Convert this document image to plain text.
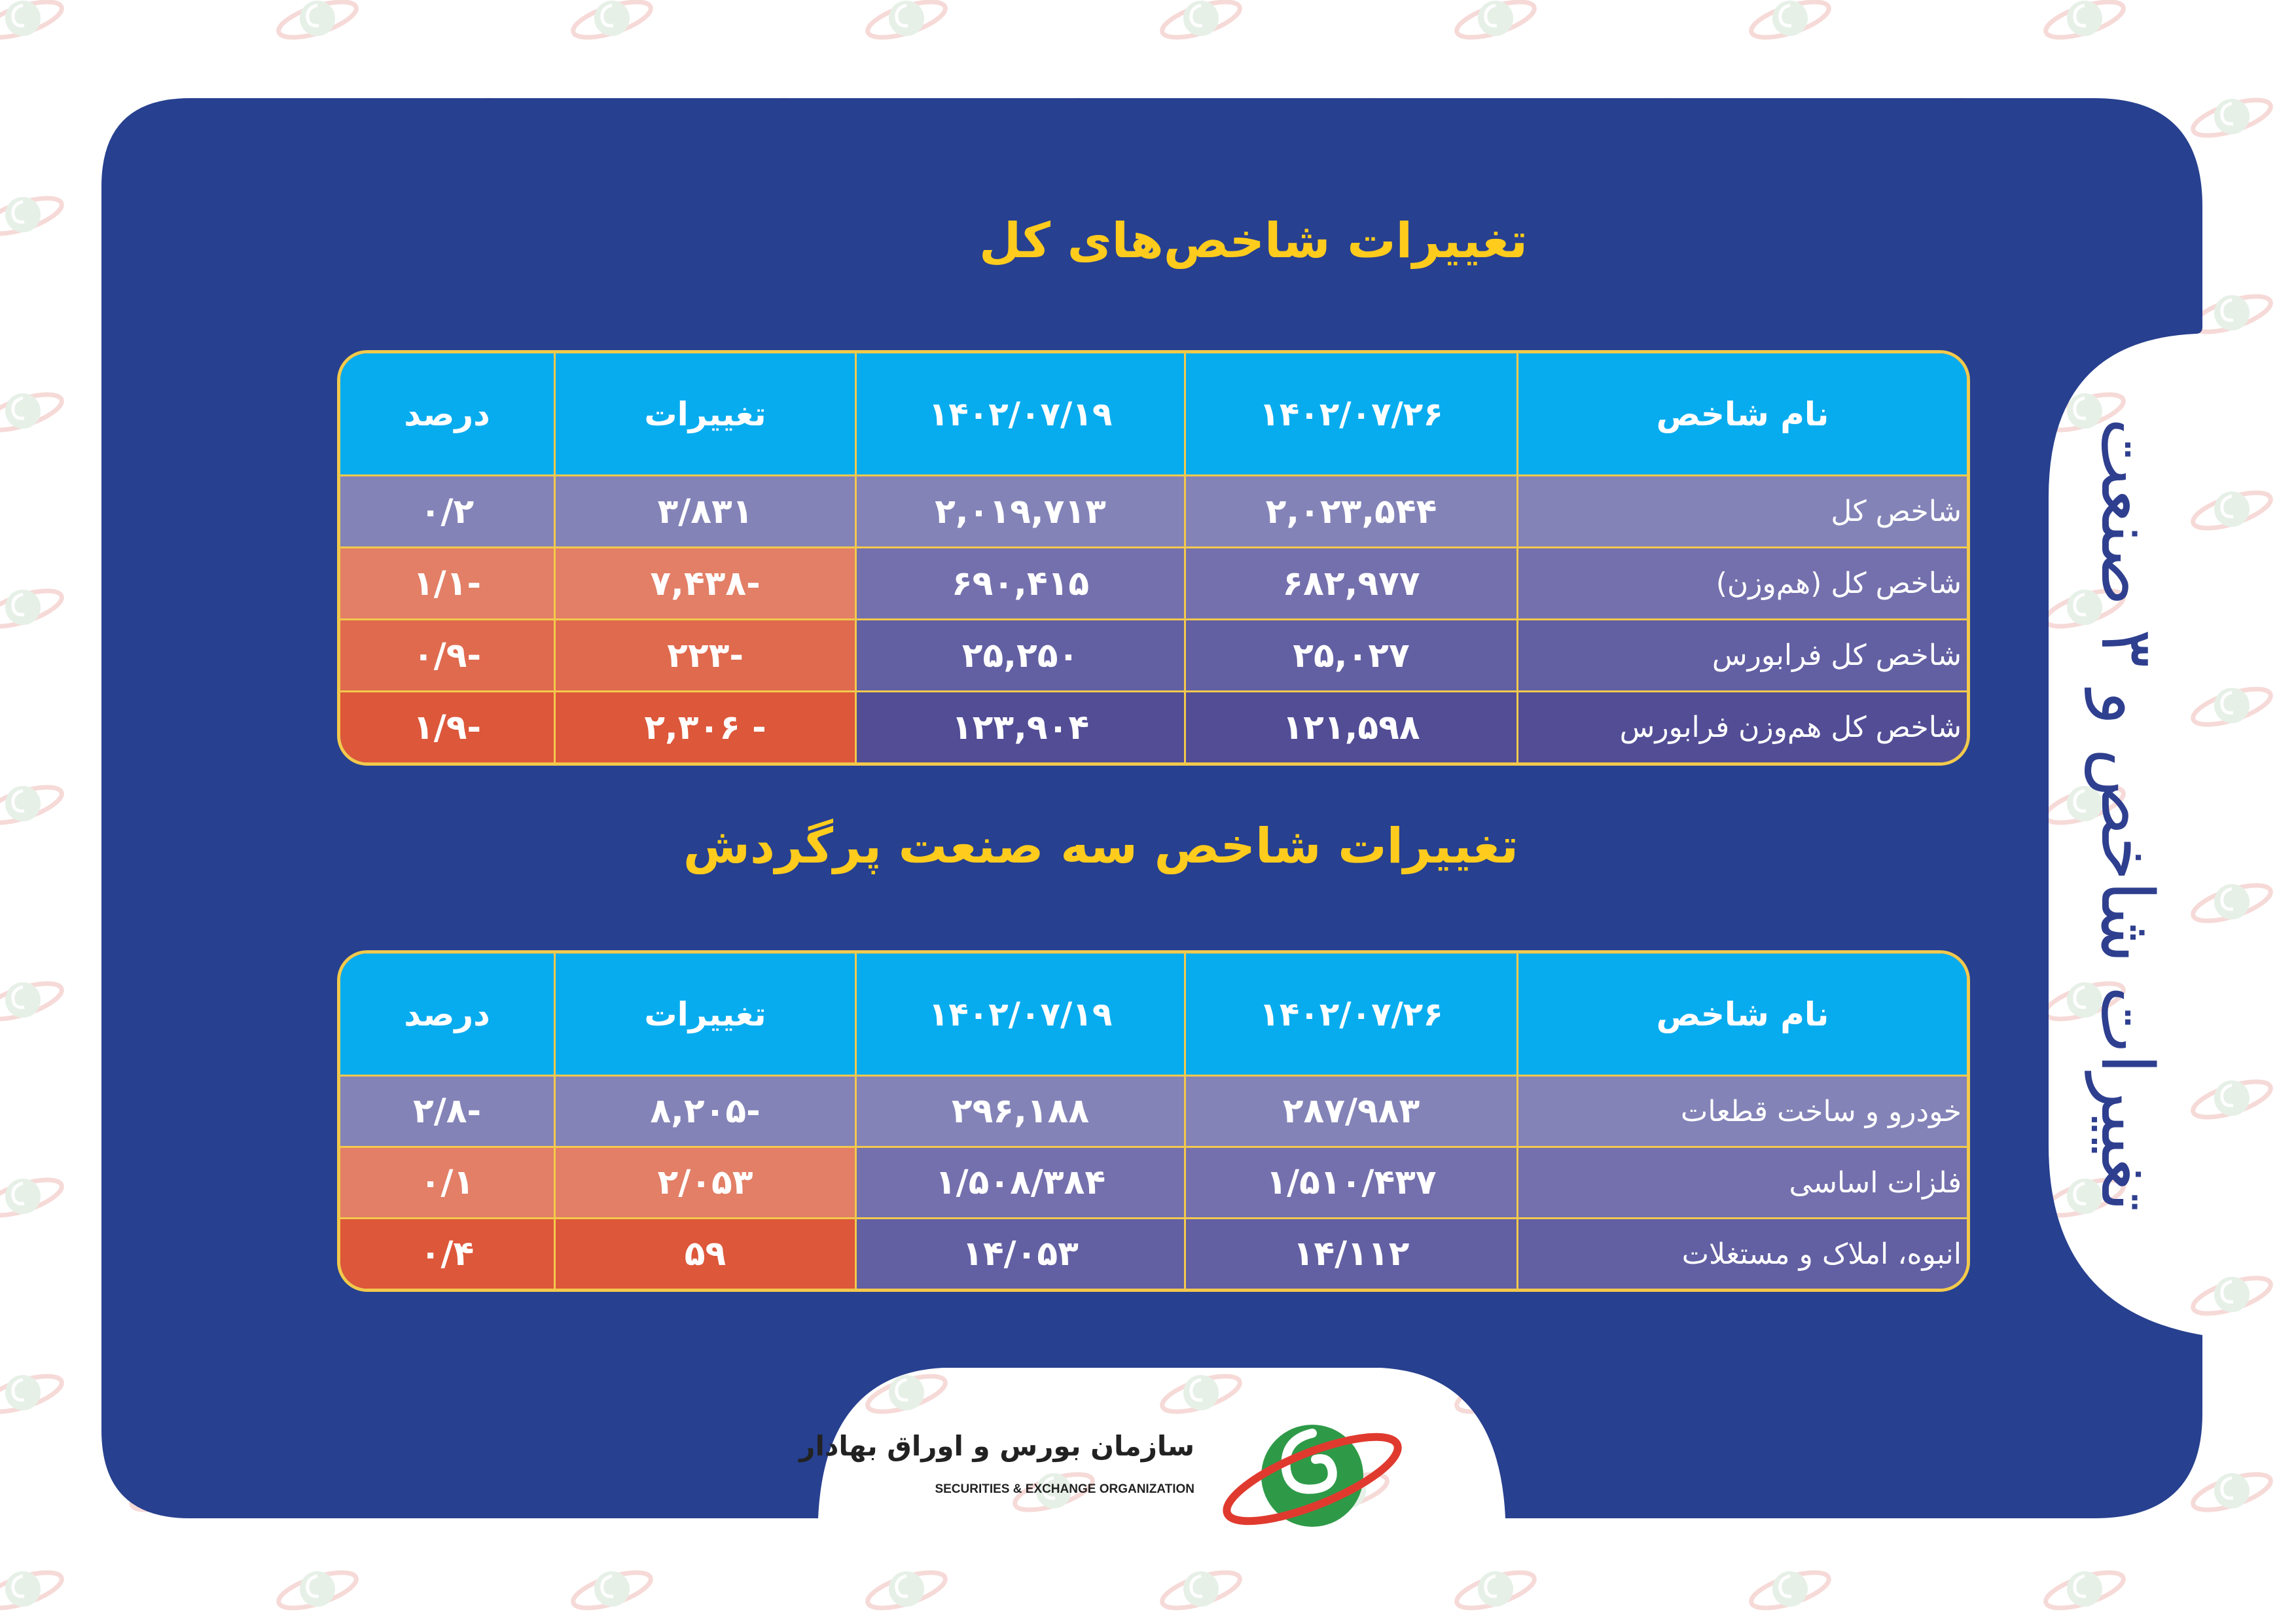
تغییرات شاخص و ۳ صنعت
تغییرات شاخص‌های کل
نام شاخص
۱۴۰۲/۰۷/۲۶
۱۴۰۲/۰۷/۱۹
تغییرات
درصد
شاخص کل
۲,۰۲۳,۵۴۴
۲,۰۱۹,۷۱۳
۳/۸۳۱
۰/۲
شاخص کل (هم‌وزن)
۶۸۲,۹۷۷
۶۹۰,۴۱۵
-۷,۴۳۸
-۱/۱
شاخص کل فرابورس
۲۵,۰۲۷
۲۵,۲۵۰
-۲۲۳
-۰/۹
شاخص کل هم‌وزن فرابورس
۱۲۱,۵۹۸
۱۲۳,۹۰۴
- ۲,۳۰۶
-۱/۹
تغییرات شاخص سه صنعت پرگردش
نام شاخص
۱۴۰۲/۰۷/۲۶
۱۴۰۲/۰۷/۱۹
تغییرات
درصد
خودرو و ساخت قطعات
۲۸۷/۹۸۳
۲۹۶,۱۸۸
-۸,۲۰۵
-۲/۸
فلزات اساسی
۱/۵۱۰/۴۳۷
۱/۵۰۸/۳۸۴
۲/۰۵۳
۰/۱
انبوه، املاک و مستغلات
۱۴/۱۱۲
۱۴/۰۵۳
۵۹
۰/۴
سازمان بورس و اوراق بهادار
SECURITIES & EXCHANGE ORGANIZATION
